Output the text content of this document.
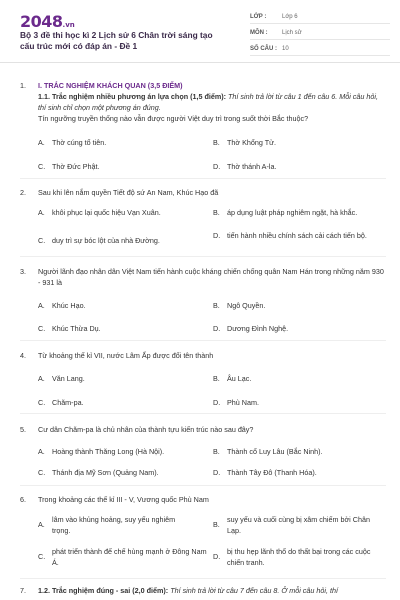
2048.vn
Bộ 3 đề thi học kì 2 Lịch sử 6 Chân trời sáng tạo cấu trúc mới có đáp án - Đề 1
LỚP :	Lớp 6
MÔN :	Lịch sử
SỐ CÂU : 10
1.	I. TRẮC NGHIỆM KHÁCH QUAN (3,5 ĐIỂM)
1.1. Trắc nghiệm nhiều phương án lựa chọn (1,5 điểm): Thí sinh trả lời từ câu 1 đến câu 6. Mỗi câu hỏi, thí sinh chỉ chọn một phương án đúng.
Tín ngưỡng truyền thống nào vẫn được người Việt duy trì trong suốt thời Bắc thuộc?
A.	Thờ cúng tổ tiên.	B.	Thờ Khổng Tử.
C. Thờ Đức Phật.	D. Thờ thánh A-la.
2.	Sau khi lên nắm quyền Tiết độ sứ An Nam, Khúc Hạo đã
A.	khôi phục lại quốc hiệu Vạn Xuân.	B.	áp dụng luật pháp nghiêm ngặt, hà khắc.
C. duy trì sự bóc lột của nhà Đường.
D. tiến hành nhiều chính sách cải cách tiến bộ.
3.	Người lãnh đạo nhân dân Việt Nam tiến hành cuộc kháng chiến chống quân Nam Hán trong những năm 930 - 931 là
A.	Khúc Hạo.	B.	Ngô Quyền.
C. Khúc Thừa Dụ.	D. Dương Đình Nghệ.
4.	Từ khoảng thế kỉ VII, nước Lâm Ấp được đổi tên thành
A.	Văn Lang.	B.	Âu Lạc.
C. Chăm-pa.	D. Phù Nam.
5.	Cư dân Chăm-pa là chủ nhân của thành tựu kiến trúc nào sau đây?
A.	Hoàng thành Thăng Long (Hà Nội).	B.	Thành cổ Luy Lâu (Bắc Ninh).
C. Thánh địa Mỹ Sơn (Quảng Nam).	D. Thành Tây Đô (Thanh Hóa).
6.	Trong khoảng các thế kỉ III - V, Vương quốc Phù Nam
A.
lâm vào khủng hoảng, suy yếu nghiêm trọng.
B.
suy yếu và cuối cùng bị xâm chiếm bởi Chân Lạp.
C.
phát triển thành đế chế hùng mạnh ở Đông Nam Á.
D.
bị thu hẹp lãnh thổ do thất bại trong các cuộc chiến tranh.
7.	1.2. Trắc nghiệm đúng - sai (2,0 điểm): Thí sinh trả lời từ câu 7 đến câu 8. Ở mỗi câu hỏi, thí
